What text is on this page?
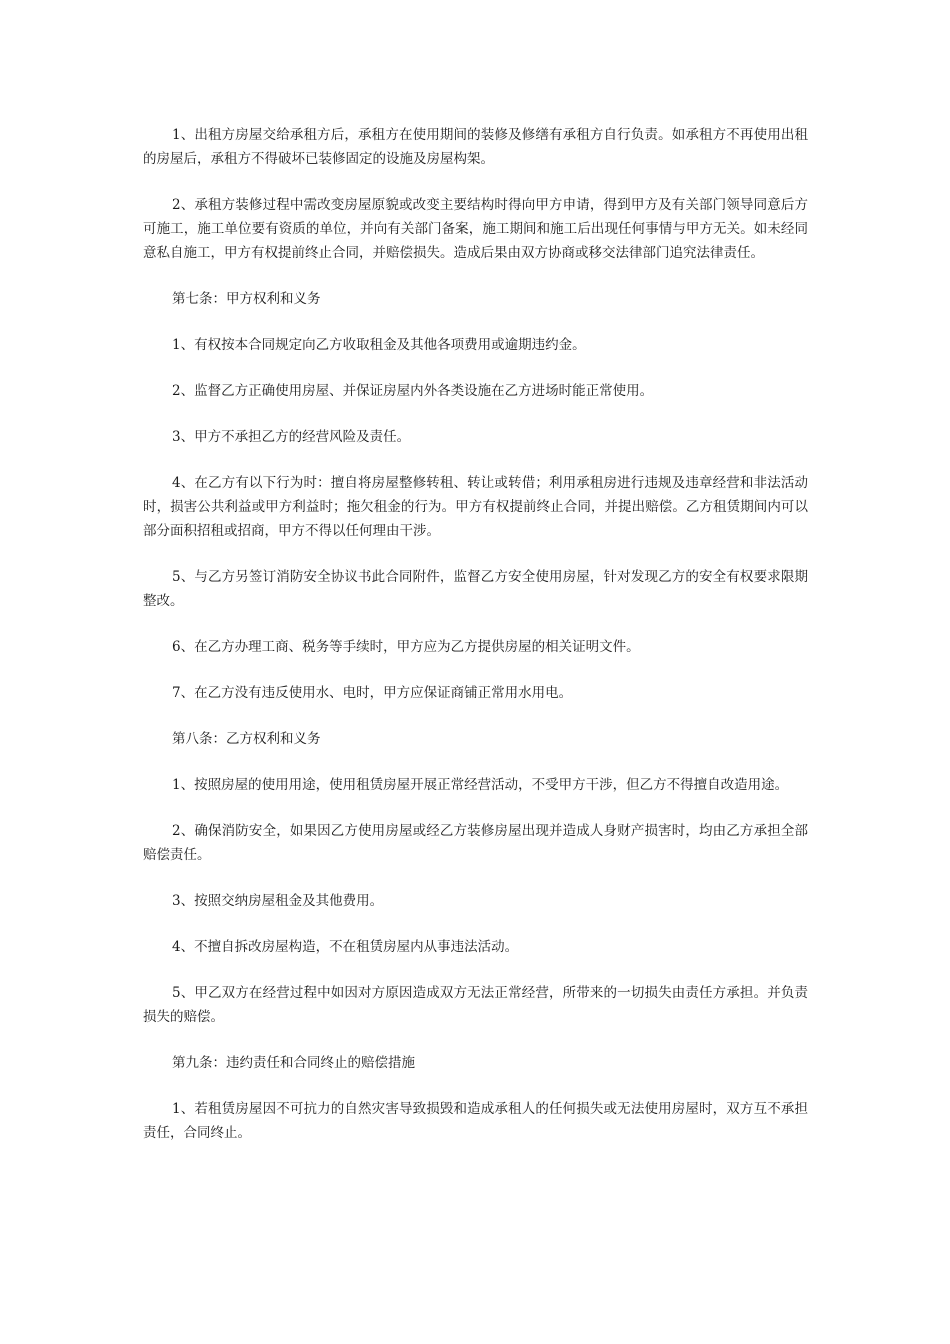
1、出租方房屋交给承租方后，承租方在使用期间的装修及修缮有承租方自行负责。如承租方不再使用出租的房屋后，承租方不得破坏已装修固定的设施及房屋构架。

2、承租方装修过程中需改变房屋原貌或改变主要结构时得向甲方申请，得到甲方及有关部门领导同意后方可施工，施工单位要有资质的单位，并向有关部门备案，施工期间和施工后出现任何事情与甲方无关。如未经同意私自施工，甲方有权提前终止合同，并赔偿损失。造成后果由双方协商或移交法律部门追究法律责任。

第七条：甲方权利和义务

1、有权按本合同规定向乙方收取租金及其他各项费用或逾期违约金。

2、监督乙方正确使用房屋、并保证房屋内外各类设施在乙方进场时能正常使用。

3、甲方不承担乙方的经营风险及责任。

4、在乙方有以下行为时：擅自将房屋整修转租、转让或转借；利用承租房进行违规及违章经营和非法活动时，损害公共利益或甲方利益时；拖欠租金的行为。甲方有权提前终止合同，并提出赔偿。乙方租赁期间内可以部分面积招租或招商，甲方不得以任何理由干涉。

5、与乙方另签订消防安全协议书此合同附件，监督乙方安全使用房屋，针对发现乙方的安全有权要求限期整改。

6、在乙方办理工商、税务等手续时，甲方应为乙方提供房屋的相关证明文件。

7、在乙方没有违反使用水、电时，甲方应保证商铺正常用水用电。

第八条：乙方权利和义务

1、按照房屋的使用用途，使用租赁房屋开展正常经营活动，不受甲方干涉，但乙方不得擅自改造用途。

2、确保消防安全，如果因乙方使用房屋或经乙方装修房屋出现并造成人身财产损害时，均由乙方承担全部赔偿责任。

3、按照交纳房屋租金及其他费用。

4、不擅自拆改房屋构造，不在租赁房屋内从事违法活动。

5、甲乙双方在经营过程中如因对方原因造成双方无法正常经营，所带来的一切损失由责任方承担。并负责损失的赔偿。

第九条：违约责任和合同终止的赔偿措施

1、若租赁房屋因不可抗力的自然灾害导致损毁和造成承租人的任何损失或无法使用房屋时，双方互不承担责任，合同终止。
